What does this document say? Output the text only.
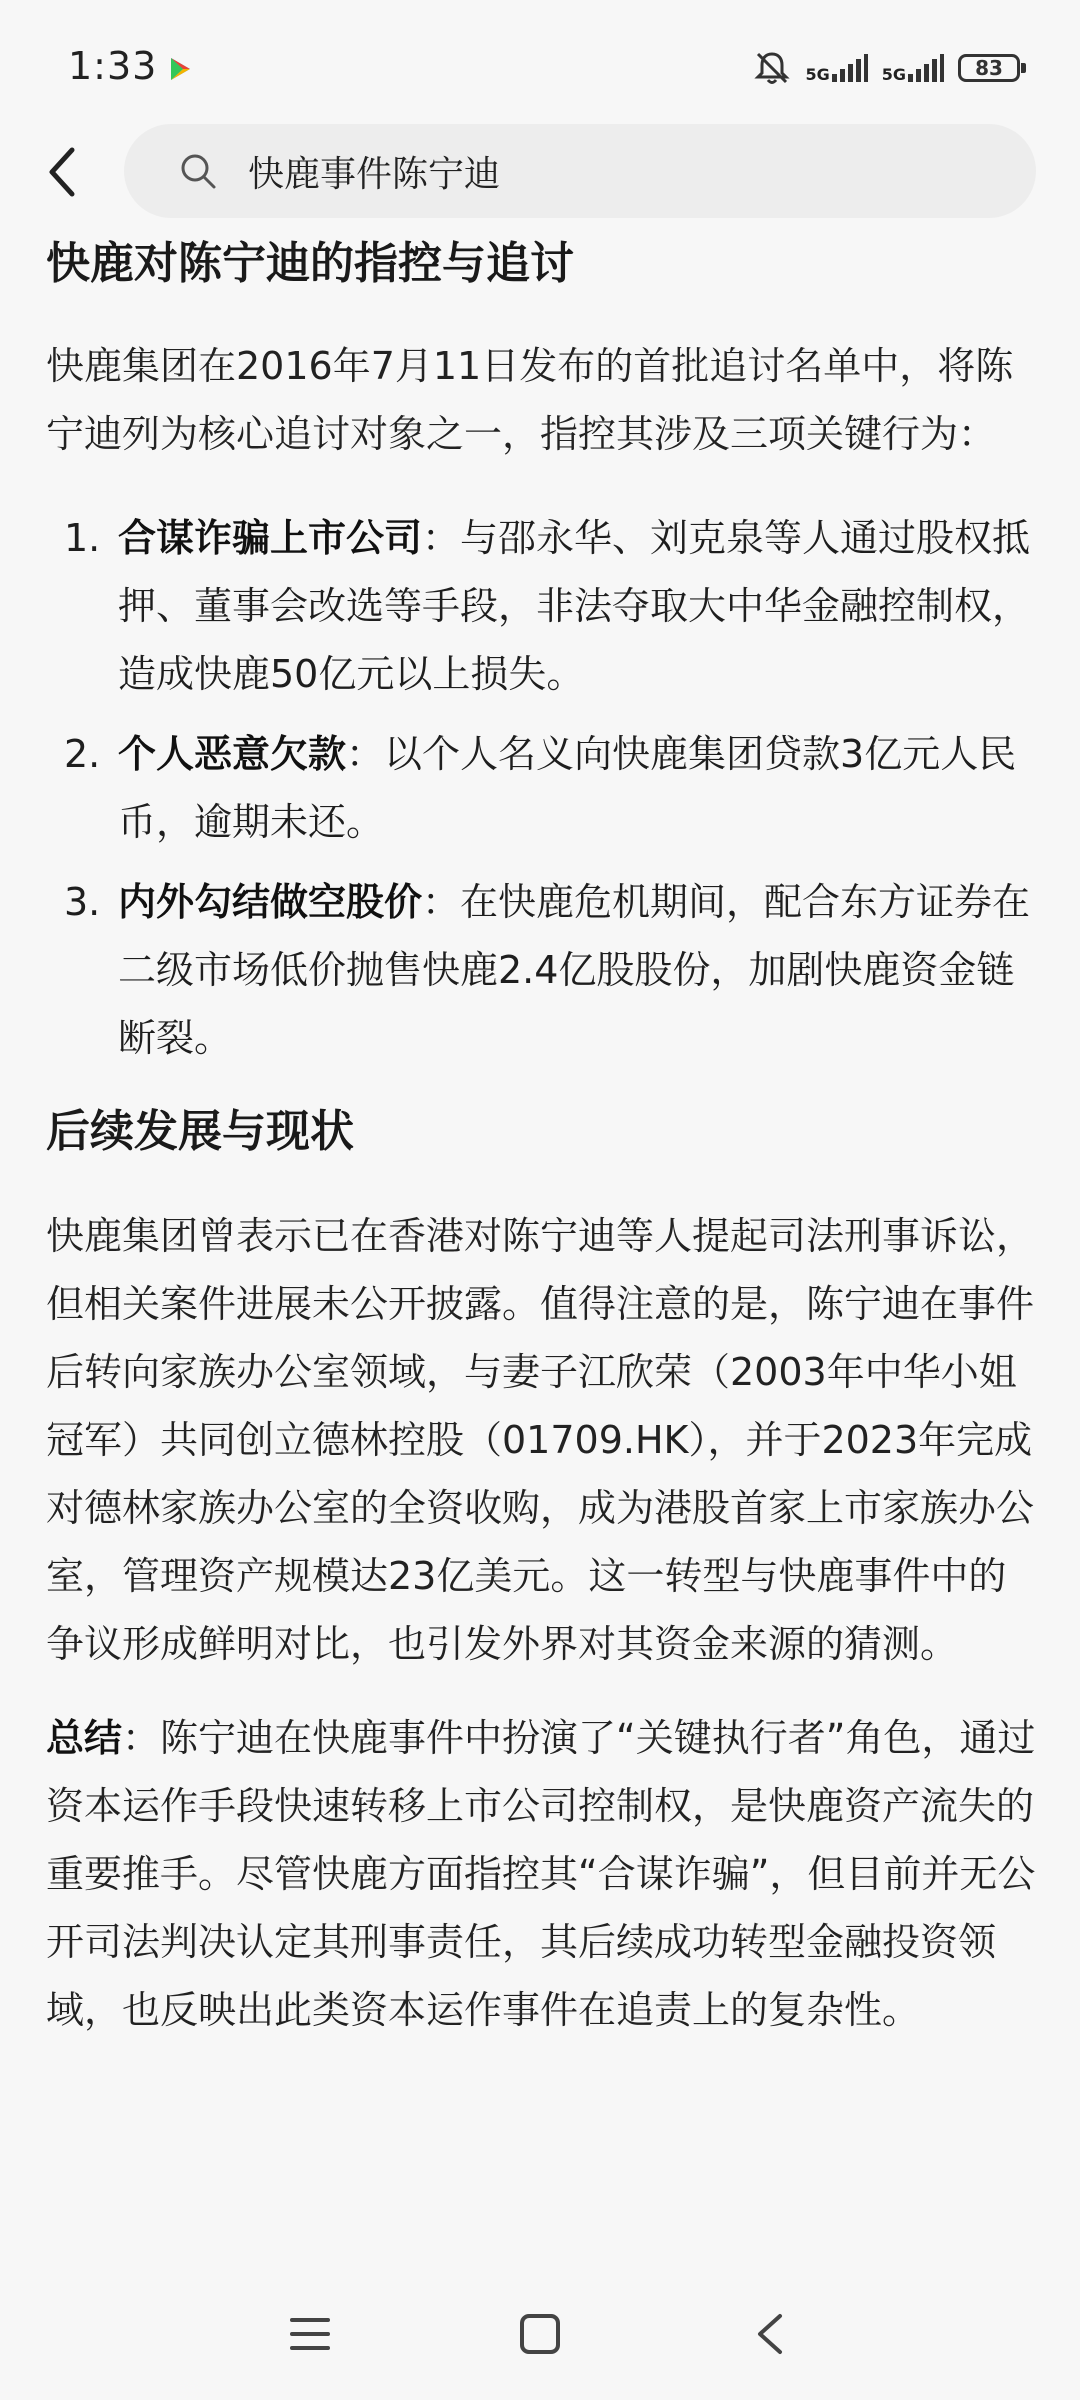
1:33	5G	5G	83
快鹿事件陈宁迪
快鹿对陈宁迪的指控与追讨

快鹿集团在2016年7月11日发布的首批追讨名单中，将陈宁迪列为核心追讨对象之一，指控其涉及三项关键行为：

1. 合谋诈骗上市公司：与邵永华、刘克泉等人通过股权抵押、董事会改选等手段，非法夺取大中华金融控制权，造成快鹿50亿元以上损失。
2. 个人恶意欠款：以个人名义向快鹿集团贷款3亿元人民币，逾期未还。
3. 内外勾结做空股价：在快鹿危机期间，配合东方证券在二级市场低价抛售快鹿2.4亿股股份，加剧快鹿资金链断裂。
后续发展与现状

快鹿集团曾表示已在香港对陈宁迪等人提起司法刑事诉讼，但相关案件进展未公开披露。值得注意的是，陈宁迪在事件后转向家族办公室领域，与妻子江欣荣（2003年中华小姐冠军）共同创立德林控股（01709.HK），并于2023年完成对德林家族办公室的全资收购，成为港股首家上市家族办公室，管理资产规模达23亿美元。这一转型与快鹿事件中的争议形成鲜明对比，也引发外界对其资金来源的猜测。

总结：陈宁迪在快鹿事件中扮演了“关键执行者”角色，通过资本运作手段快速转移上市公司控制权，是快鹿资产流失的重要推手。尽管快鹿方面指控其“合谋诈骗”，但目前并无公开司法判决认定其刑事责任，其后续成功转型金融投资领域，也反映出此类资本运作事件在追责上的复杂性。
